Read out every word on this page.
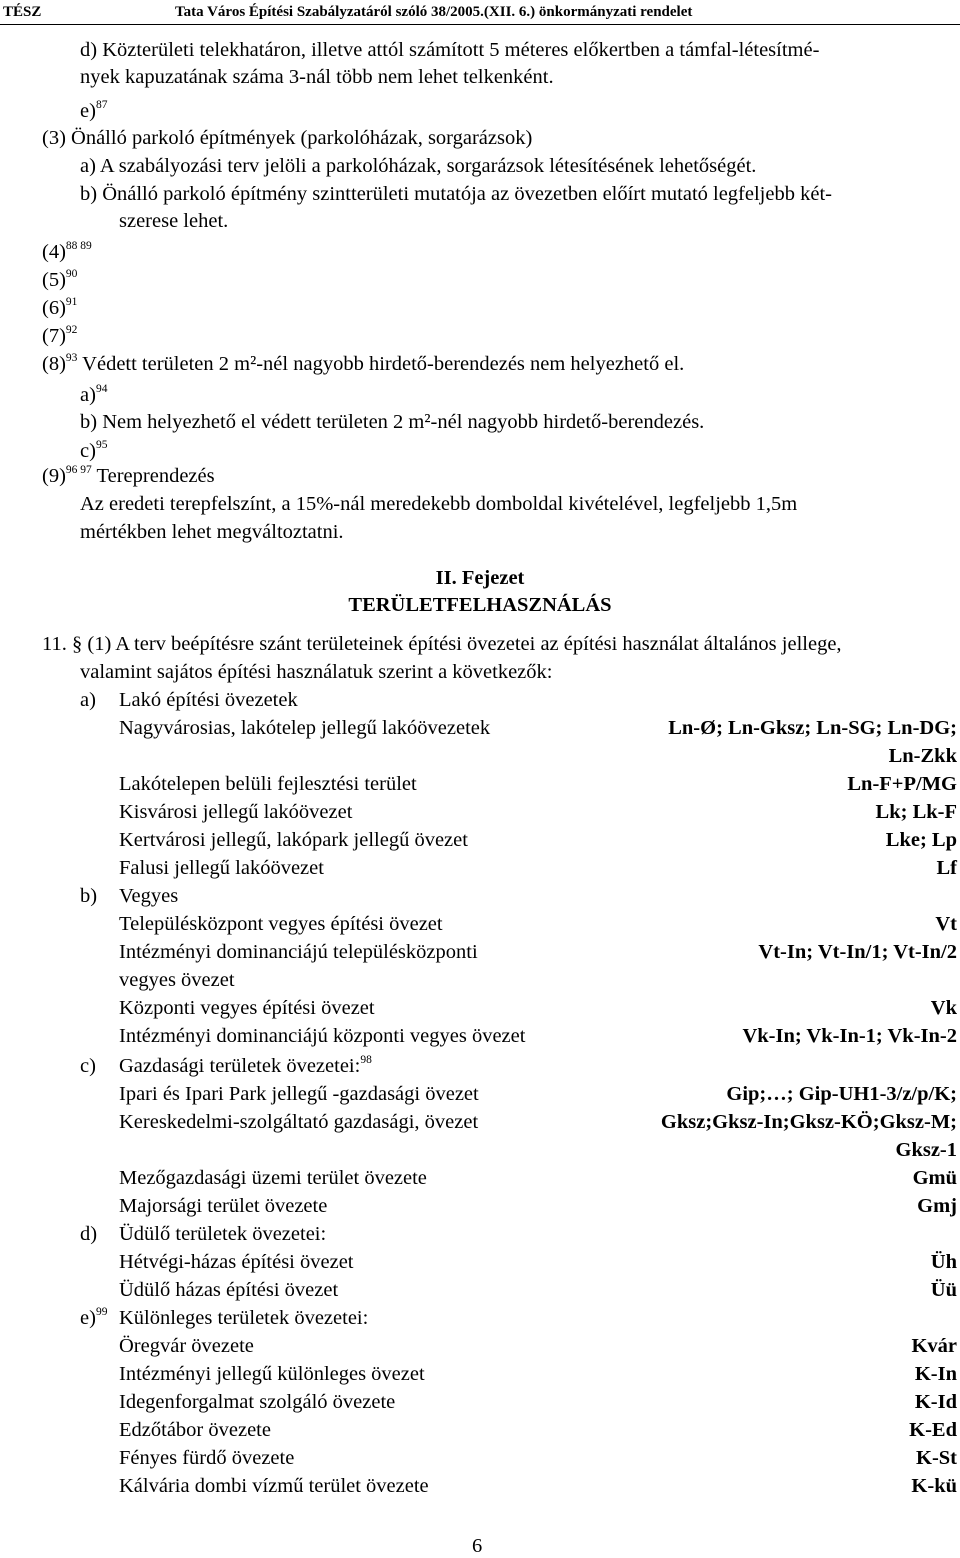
TÉSZ	Tata Város Építési Szabályzatáról szóló 38/2005.(XII. 6.) önkormányzati rendelet
d) Közterületi telekhatáron, illetve attól számított 5 méteres előkertben a támfal-létesítmé-
nyek kapuzatának száma 3-nál több nem lehet telkenként.
e)$^{87}$
(3) Önálló parkoló építmények (parkolóházak, sorgarázsok)
a) A szabályozási terv jelöli a parkolóházak, sorgarázsok létesítésének lehetőségét.
b) Önálló parkoló építmény szintterületi mutatója az övezetben előírt mutató legfeljebb két-
szerese lehet.
$(4)^{88 89}$
$(5)^{90}$
$(6)^{91}$
$(7)^{92}$
$(8)^{93}$ Védett területen 2 m²-nél nagyobb hirdető-berendezés nem helyezhető el.
a)$^{94}$
b) Nem helyezhető el védett területen 2 m²-nél nagyobb hirdető-berendezés.
c)$^{95}$
$(9)^{96 97}$ Tereprendezés
Az eredeti terepfelszínt, a 15%-nál meredekebb domboldal kivételével, legfeljebb 1,5m
mértékben lehet megváltoztatni.
II. Fejezet
TERÜLETFELHASZNÁLÁS
11. § (1) A terv beépítésre szánt területeinek építési övezetei az építési használat általános jellege,
valamint sajátos építési használatuk szerint a következők:
a) Lakó építési övezetek
Nagyvárosias, lakótelep jellegű lakóövezetek	Ln-Ø; Ln-Gksz; Ln-SG; Ln-DG;
Ln-Zkk
Lakótelepen belüli fejlesztési terület	Ln-F+P/MG
Kisvárosi jellegű lakóövezet	Lk; Lk-F
Kertvárosi jellegű, lakópark jellegű övezet	Lke; Lp
Falusi jellegű lakóövezet	Lf
b) Vegyes
Településközpont vegyes építési övezet	Vt
Intézményi dominanciájú településközponti	Vt-In; Vt-In/1; Vt-In/2
vegyes övezet
Központi vegyes építési övezet	Vk
Intézményi dominanciájú központi vegyes övezet	Vk-In; Vk-In-1; Vk-In-2
c) Gazdasági területek övezetei:$^{98}$
Ipari és Ipari Park jellegű -gazdasági övezet	Gip;…; Gip-UH1-3/z/p/K;
Kereskedelmi-szolgáltató gazdasági, övezet	Gksz;Gksz-In;Gksz-KÖ;Gksz-M;
Gksz-1
Mezőgazdasági üzemi terület övezete	Gmü
Majorsági terület övezete	Gmj
d) Üdülő területek övezetei:
Hétvégi-házas építési övezet	Üh
Üdülő házas építési övezet	Üü
e)$^{99}$ Különleges területek övezetei:
Öregvár övezete	Kvár
Intézményi jellegű különleges övezet	K-In
Idegenforgalmat szolgáló övezete	K-Id
Edzőtábor övezete	K-Ed
Fényes fürdő övezete	K-St
Kálvária dombi vízmű terület övezete	K-kü
6
